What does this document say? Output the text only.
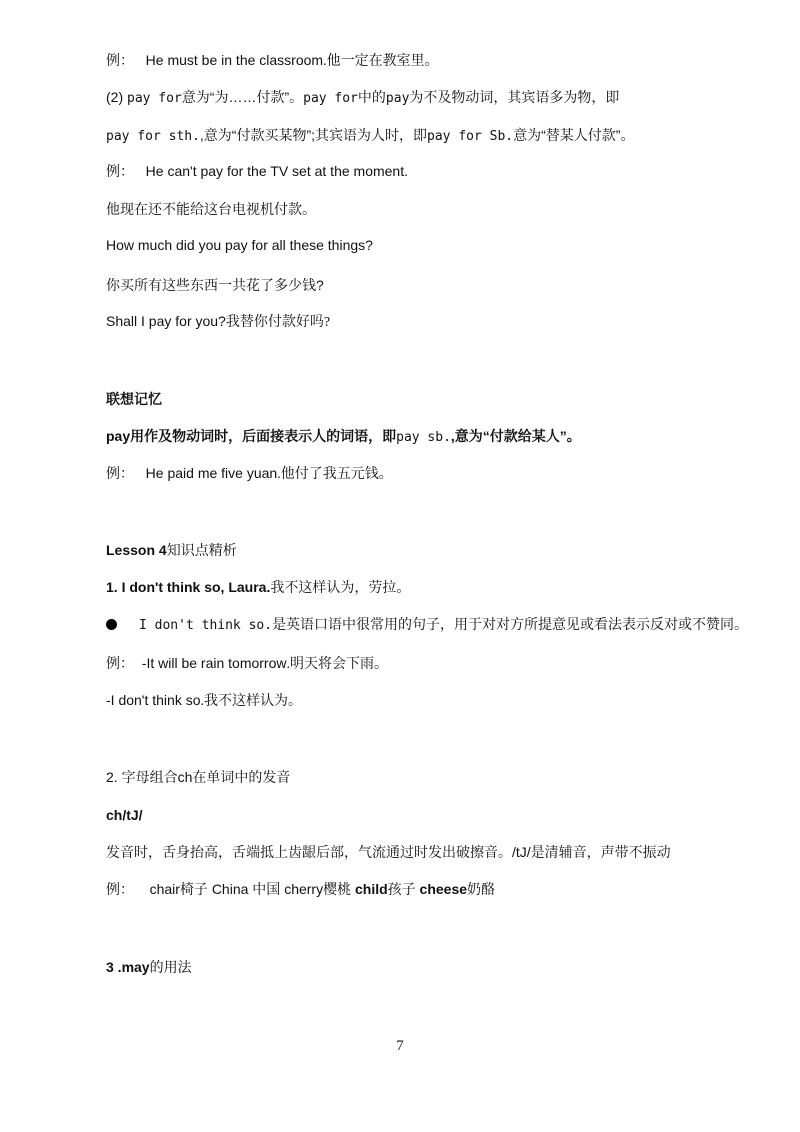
例： He must be in the classroom.他一定在教室里。
(2) pay for意为“为……付款”。pay for中的pay为不及物动词，其宾语多为物，即
pay for sth.,意为“付款买某物”;其宾语为人时，即pay for Sb.意为“替某人付款”。
例： He can't pay for the TV set at the moment.
他现在还不能给这台电视机付款。
How much did you pay for all these things?
你买所有这些东西一共花了多少钱?
Shall I pay for you?我替你付款好吗?
联想记忆
pay用作及物动词时，后面接表示人的词语，即pay sb.,意为“付款给某人”。
例： He paid me five yuan.他付了我五元钱。
Lesson 4知识点精析
1. I don't think so, Laura.我不这样认为，劳拉。
I don't think so.是英语口语中很常用的句子，用于对对方所提意见或看法表示反对或不赞同。
例： -It will be rain tomorrow.明天将会下雨。
-I don't think so.我不这样认为。
2. 字母组合ch在单词中的发音
ch/tJ/
发音时，舌身抬高，舌端抵上齿龈后部，气流通过时发出破擦音。/tJ/是清辅音，声带不振动
例： chair椅子 China 中国 cherry樱桃 child孩子 cheese奶酪
3 .may的用法
7
